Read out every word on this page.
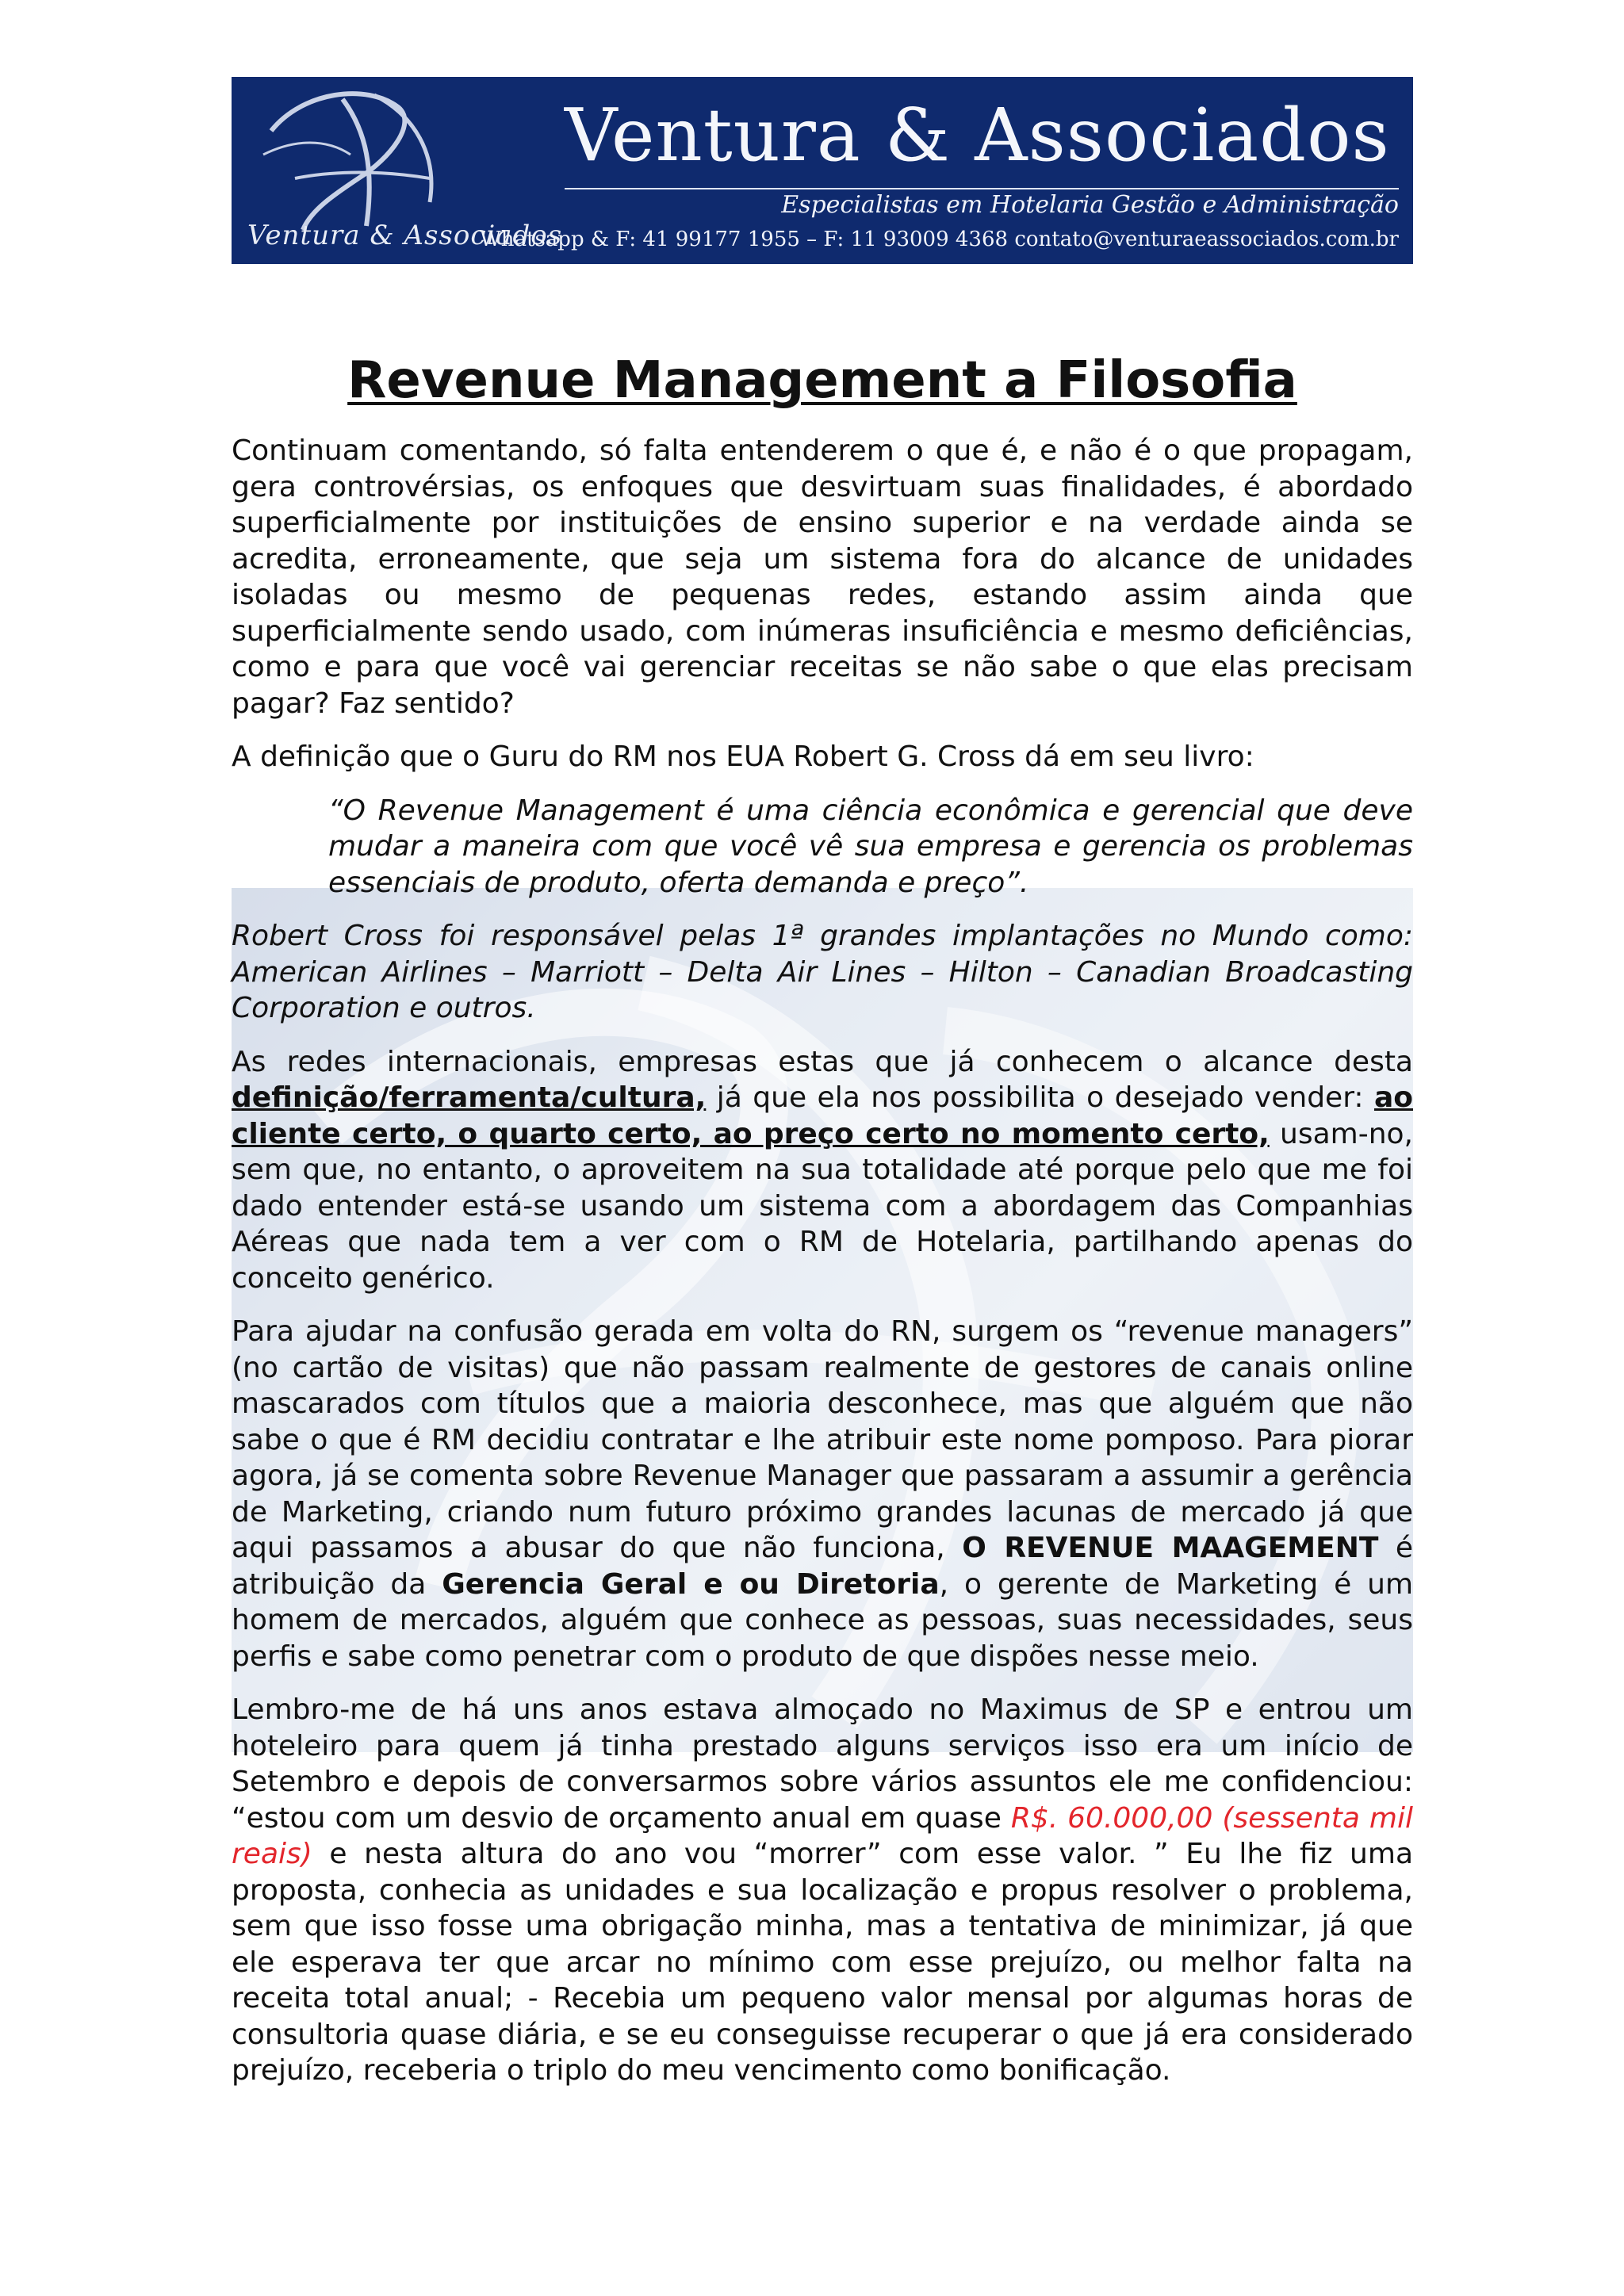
Ventura & Associados
Ventura & Associados
Especialistas em Hotelaria Gestão e Administração
Whatsapp & F: 41 99177 1955 – F: 11 93009 4368 contato@venturaeassociados.com.br
Revenue Management a Filosofia

Continuam comentando, só falta entenderem o que é, e não é o que propagam, gera controvérsias, os enfoques que desvirtuam suas finalidades, é abordado superficialmente por instituições de ensino superior e na verdade ainda se acredita, erroneamente, que seja um sistema fora do alcance de unidades isoladas ou mesmo de pequenas redes, estando assim ainda que superficialmente sendo usado, com inúmeras insuficiência e mesmo deficiências, como e para que você vai gerenciar receitas se não sabe o que elas precisam pagar? Faz sentido?

A definição que o Guru do RM nos EUA Robert G. Cross dá em seu livro:

“O Revenue Management é uma ciência econômica e gerencial que deve mudar a maneira com que você vê sua empresa e gerencia os problemas essenciais de produto, oferta demanda e preço”.

Robert Cross foi responsável pelas 1ª grandes implantações no Mundo como: American Airlines – Marriott – Delta Air Lines – Hilton – Canadian Broadcasting Corporation e outros.

As redes internacionais, empresas estas que já conhecem o alcance desta definição/ferramenta/cultura, já que ela nos possibilita o desejado vender: ao cliente certo, o quarto certo, ao preço certo no momento certo, usam-no, sem que, no entanto, o aproveitem na sua totalidade até porque pelo que me foi dado entender está-se usando um sistema com a abordagem das Companhias Aéreas que nada tem a ver com o RM de Hotelaria, partilhando apenas do conceito genérico.

Para ajudar na confusão gerada em volta do RN, surgem os “revenue managers” (no cartão de visitas) que não passam realmente de gestores de canais online mascarados com títulos que a maioria desconhece, mas que alguém que não sabe o que é RM decidiu contratar e lhe atribuir este nome pomposo. Para piorar agora, já se comenta sobre Revenue Manager que passaram a assumir a gerência de Marketing, criando num futuro próximo grandes lacunas de mercado já que aqui passamos a abusar do que não funciona, O REVENUE MAAGEMENT é atribuição da Gerencia Geral e ou Diretoria, o gerente de Marketing é um homem de mercados, alguém que conhece as pessoas, suas necessidades, seus perfis e sabe como penetrar com o produto de que dispões nesse meio.

Lembro-me de há uns anos estava almoçado no Maximus de SP e entrou um hoteleiro para quem já tinha prestado alguns serviços isso era um início de Setembro e depois de conversarmos sobre vários assuntos ele me confidenciou: “estou com um desvio de orçamento anual em quase R$. 60.000,00 (sessenta mil reais) e nesta altura do ano vou “morrer” com esse valor. ” Eu lhe fiz uma proposta, conhecia as unidades e sua localização e propus resolver o problema, sem que isso fosse uma obrigação minha, mas a tentativa de minimizar, já que ele esperava ter que arcar no mínimo com esse prejuízo, ou melhor falta na receita total anual; - Recebia um pequeno valor mensal por algumas horas de consultoria quase diária, e se eu conseguisse recuperar o que já era considerado prejuízo, receberia o triplo do meu vencimento como bonificação.
